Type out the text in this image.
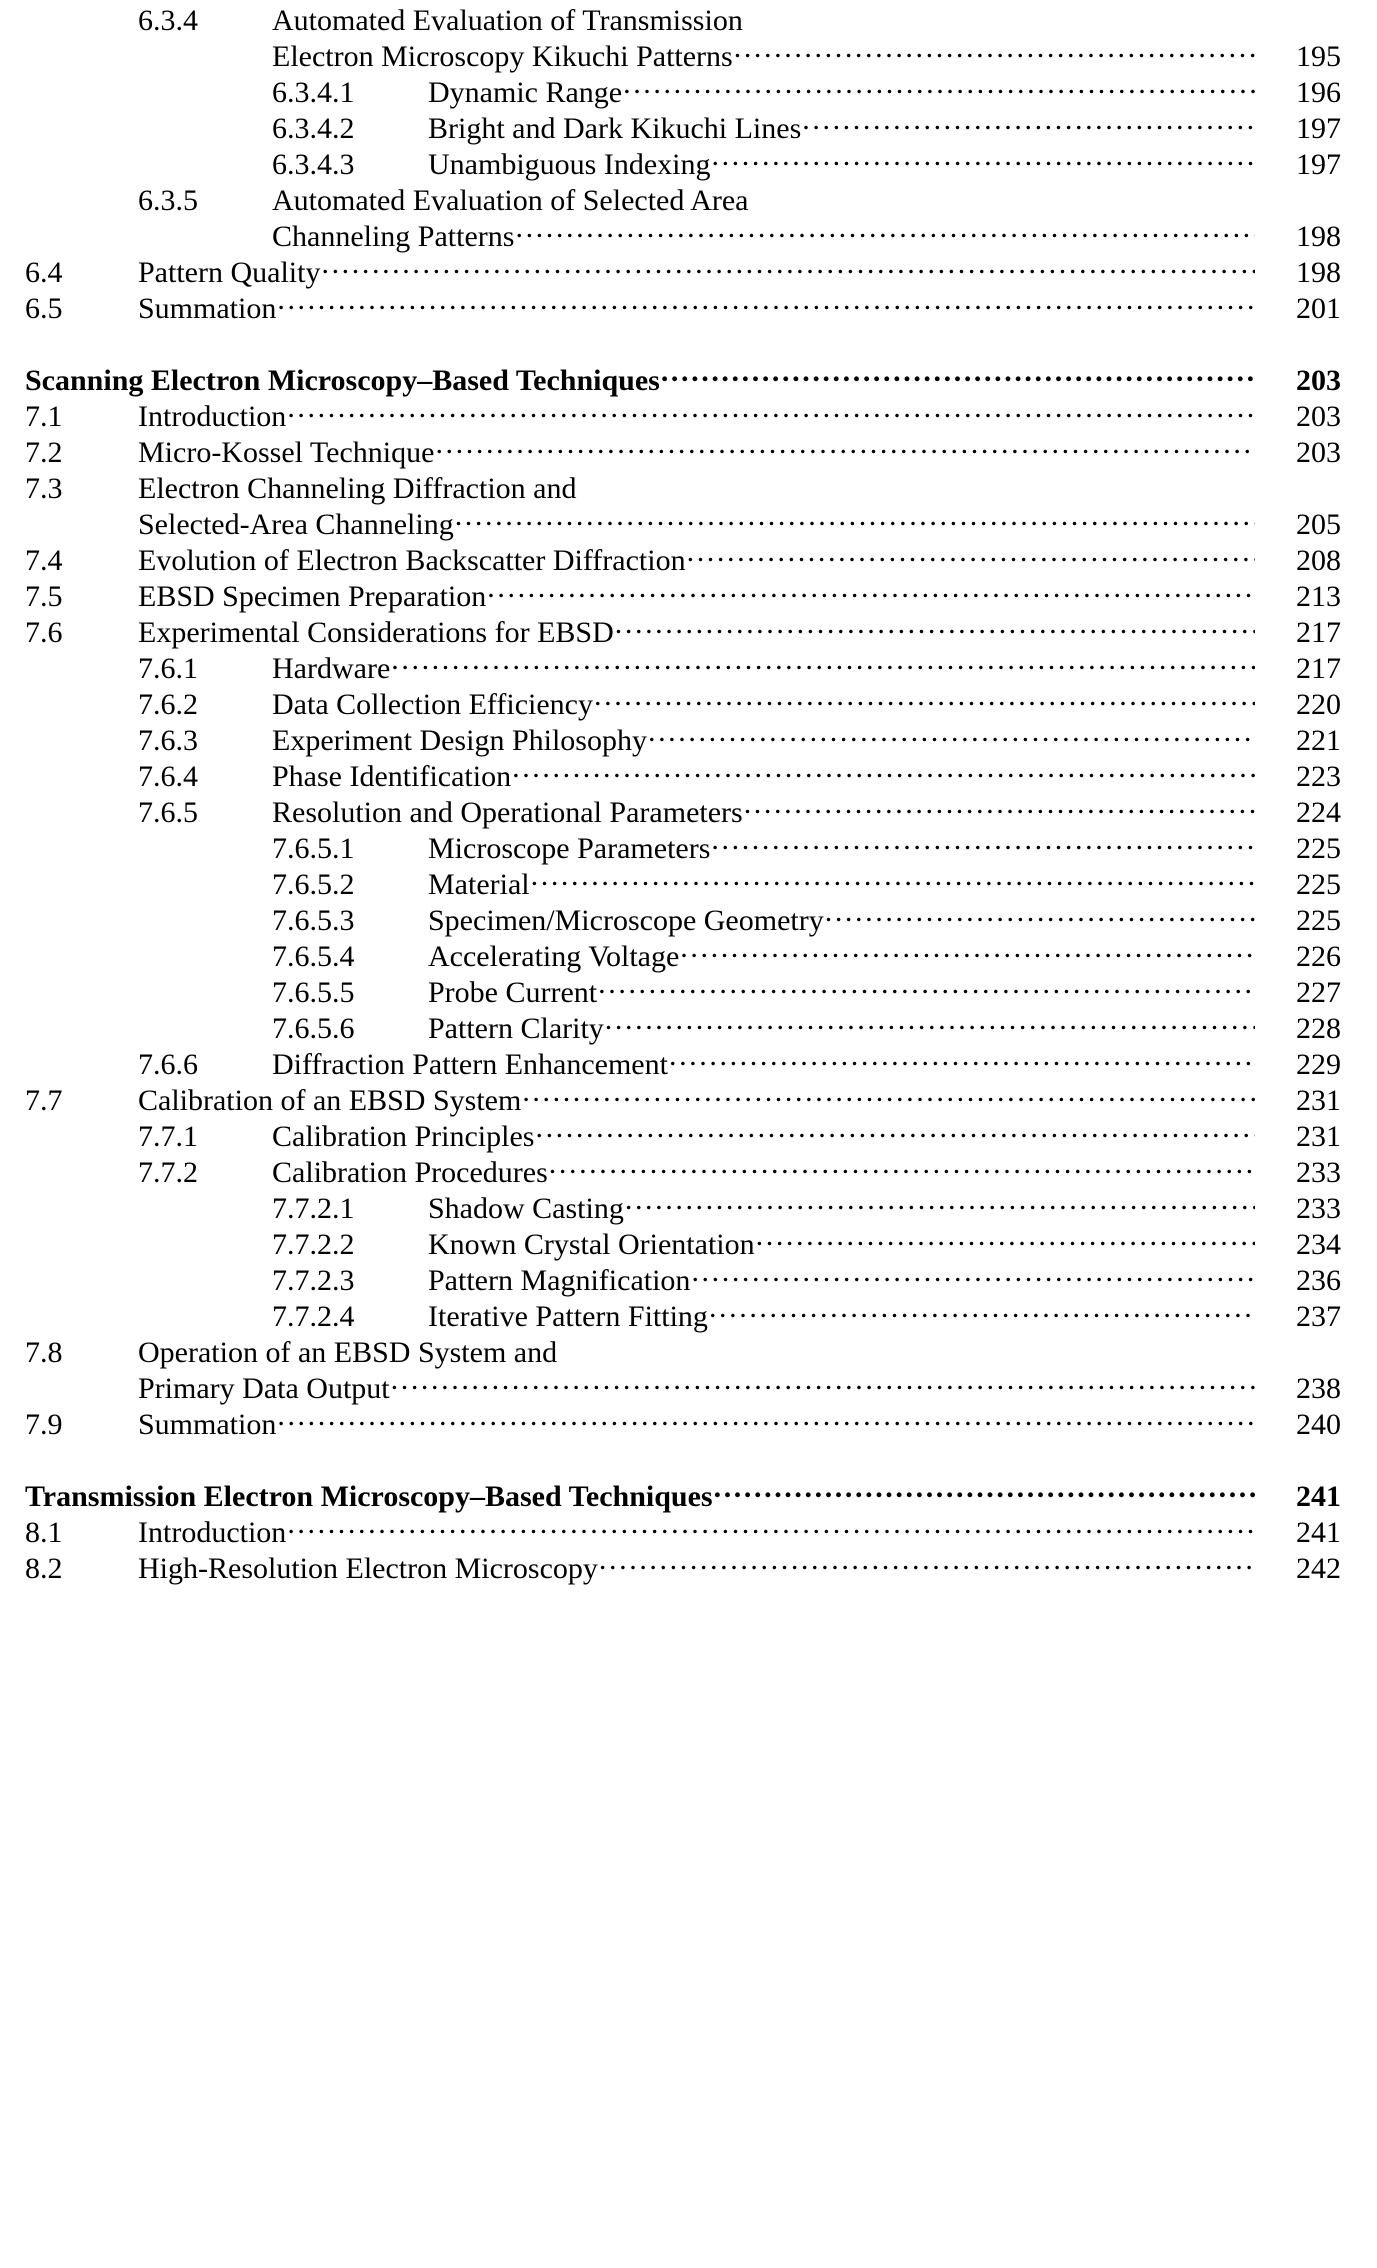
6.3.4	Automated Evaluation of Transmission
Electron Microscopy Kikuchi Patterns .....	195
6.3.4.1	Dynamic Range .....	196
6.3.4.2	Bright and Dark Kikuchi Lines .....	197
6.3.4.3	Unambiguous Indexing .....	197
6.3.5	Automated Evaluation of Selected Area
Channeling Patterns .....	198
6.4	Pattern Quality .....	198
6.5	Summation .....	201
Scanning Electron Microscopy–Based Techniques .....	203
7.1	Introduction .....	203
7.2	Micro-Kossel Technique .....	203
7.3	Electron Channeling Diffraction and
Selected-Area Channeling .....	205
7.4	Evolution of Electron Backscatter Diffraction .....	208
7.5	EBSD Specimen Preparation .....	213
7.6	Experimental Considerations for EBSD .....	217
7.6.1	Hardware .....	217
7.6.2	Data Collection Efficiency .....	220
7.6.3	Experiment Design Philosophy .....	221
7.6.4	Phase Identification .....	223
7.6.5	Resolution and Operational Parameters .....	224
7.6.5.1	Microscope Parameters .....	225
7.6.5.2	Material .....	225
7.6.5.3	Specimen/Microscope Geometry .....	225
7.6.5.4	Accelerating Voltage .....	226
7.6.5.5	Probe Current .....	227
7.6.5.6	Pattern Clarity .....	228
7.6.6	Diffraction Pattern Enhancement .....	229
7.7	Calibration of an EBSD System .....	231
7.7.1	Calibration Principles .....	231
7.7.2	Calibration Procedures .....	233
7.7.2.1	Shadow Casting .....	233
7.7.2.2	Known Crystal Orientation .....	234
7.7.2.3	Pattern Magnification .....	236
7.7.2.4	Iterative Pattern Fitting .....	237
7.8	Operation of an EBSD System and
Primary Data Output .....	238
7.9	Summation .....	240
Transmission Electron Microscopy–Based Techniques .....	241
8.1	Introduction .....	241
8.2	High-Resolution Electron Microscopy .....	242
